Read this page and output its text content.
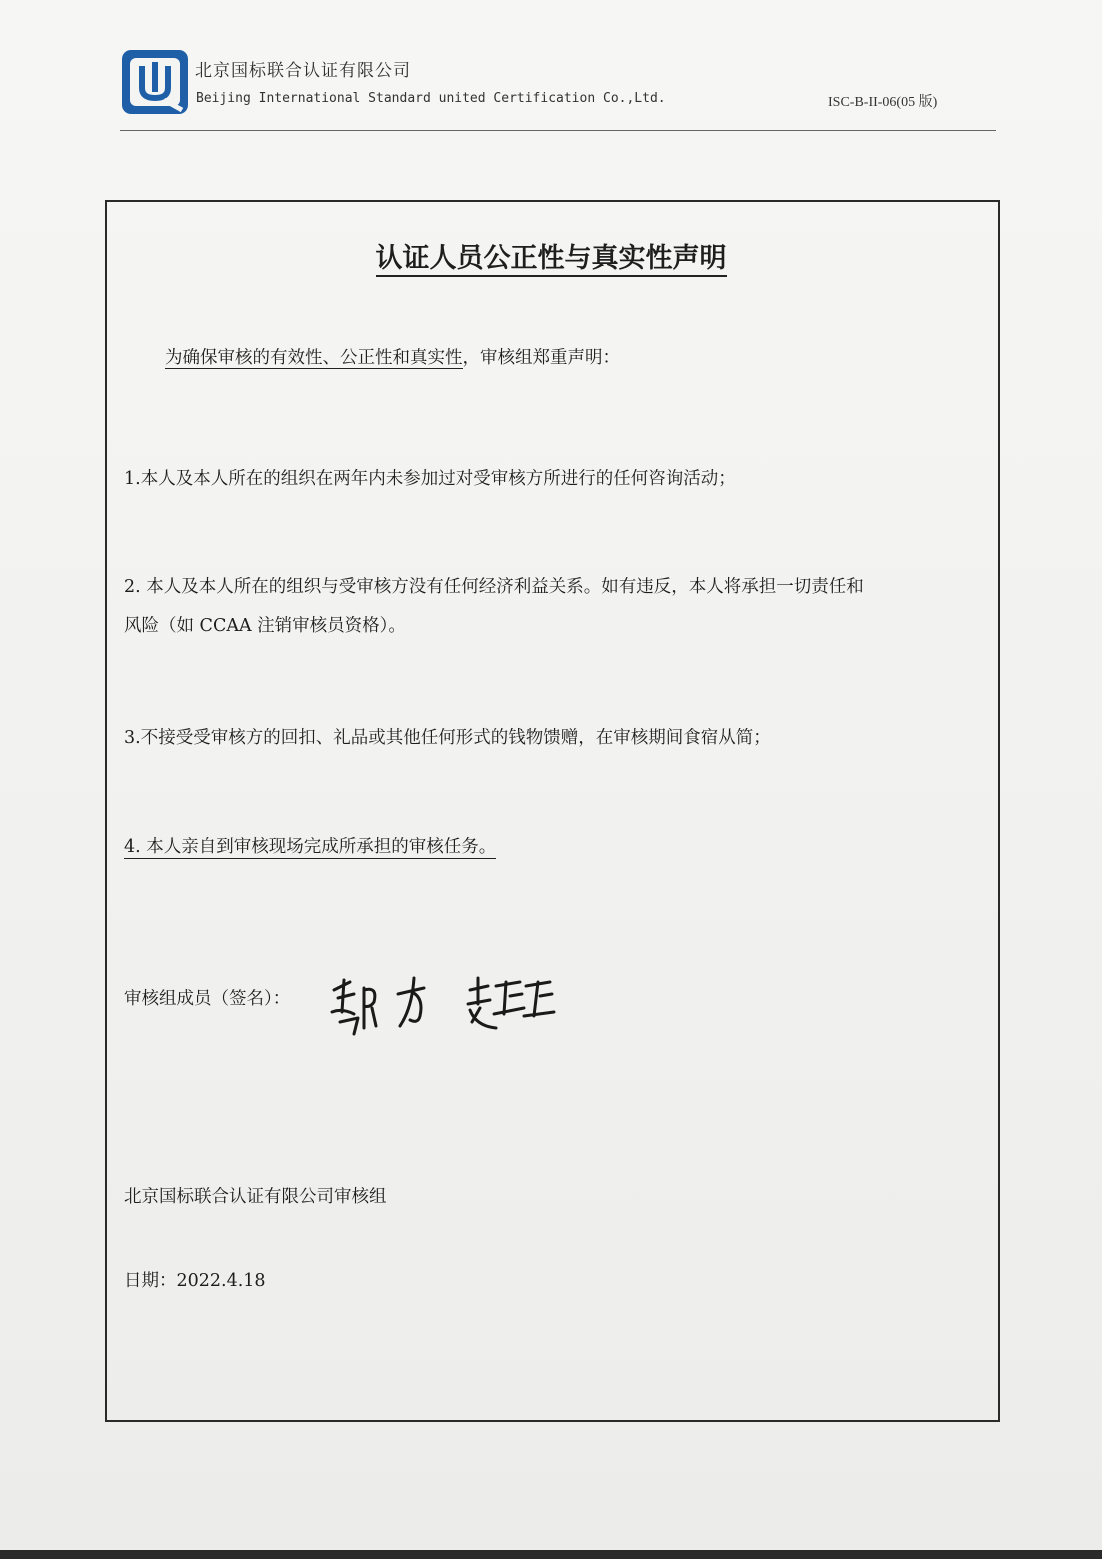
北京国标联合认证有限公司
Beijing International Standard united Certification Co.,Ltd.	ISC-B-II-06(05 版)
认证人员公正性与真实性声明
为确保审核的有效性、公正性和真实性，审核组郑重声明：
1.本人及本人所在的组织在两年内未参加过对受审核方所进行的任何咨询活动；
2. 本人及本人所在的组织与受审核方没有任何经济利益关系。如有违反，本人将承担一切责任和
风险（如 CCAA 注销审核员资格）。
3.不接受受审核方的回扣、礼品或其他任何形式的钱物馈赠，在审核期间食宿从简；
4. 本人亲自到审核现场完成所承担的审核任务。
审核组成员（签名）：
北京国标联合认证有限公司审核组
日期：2022.4.18
